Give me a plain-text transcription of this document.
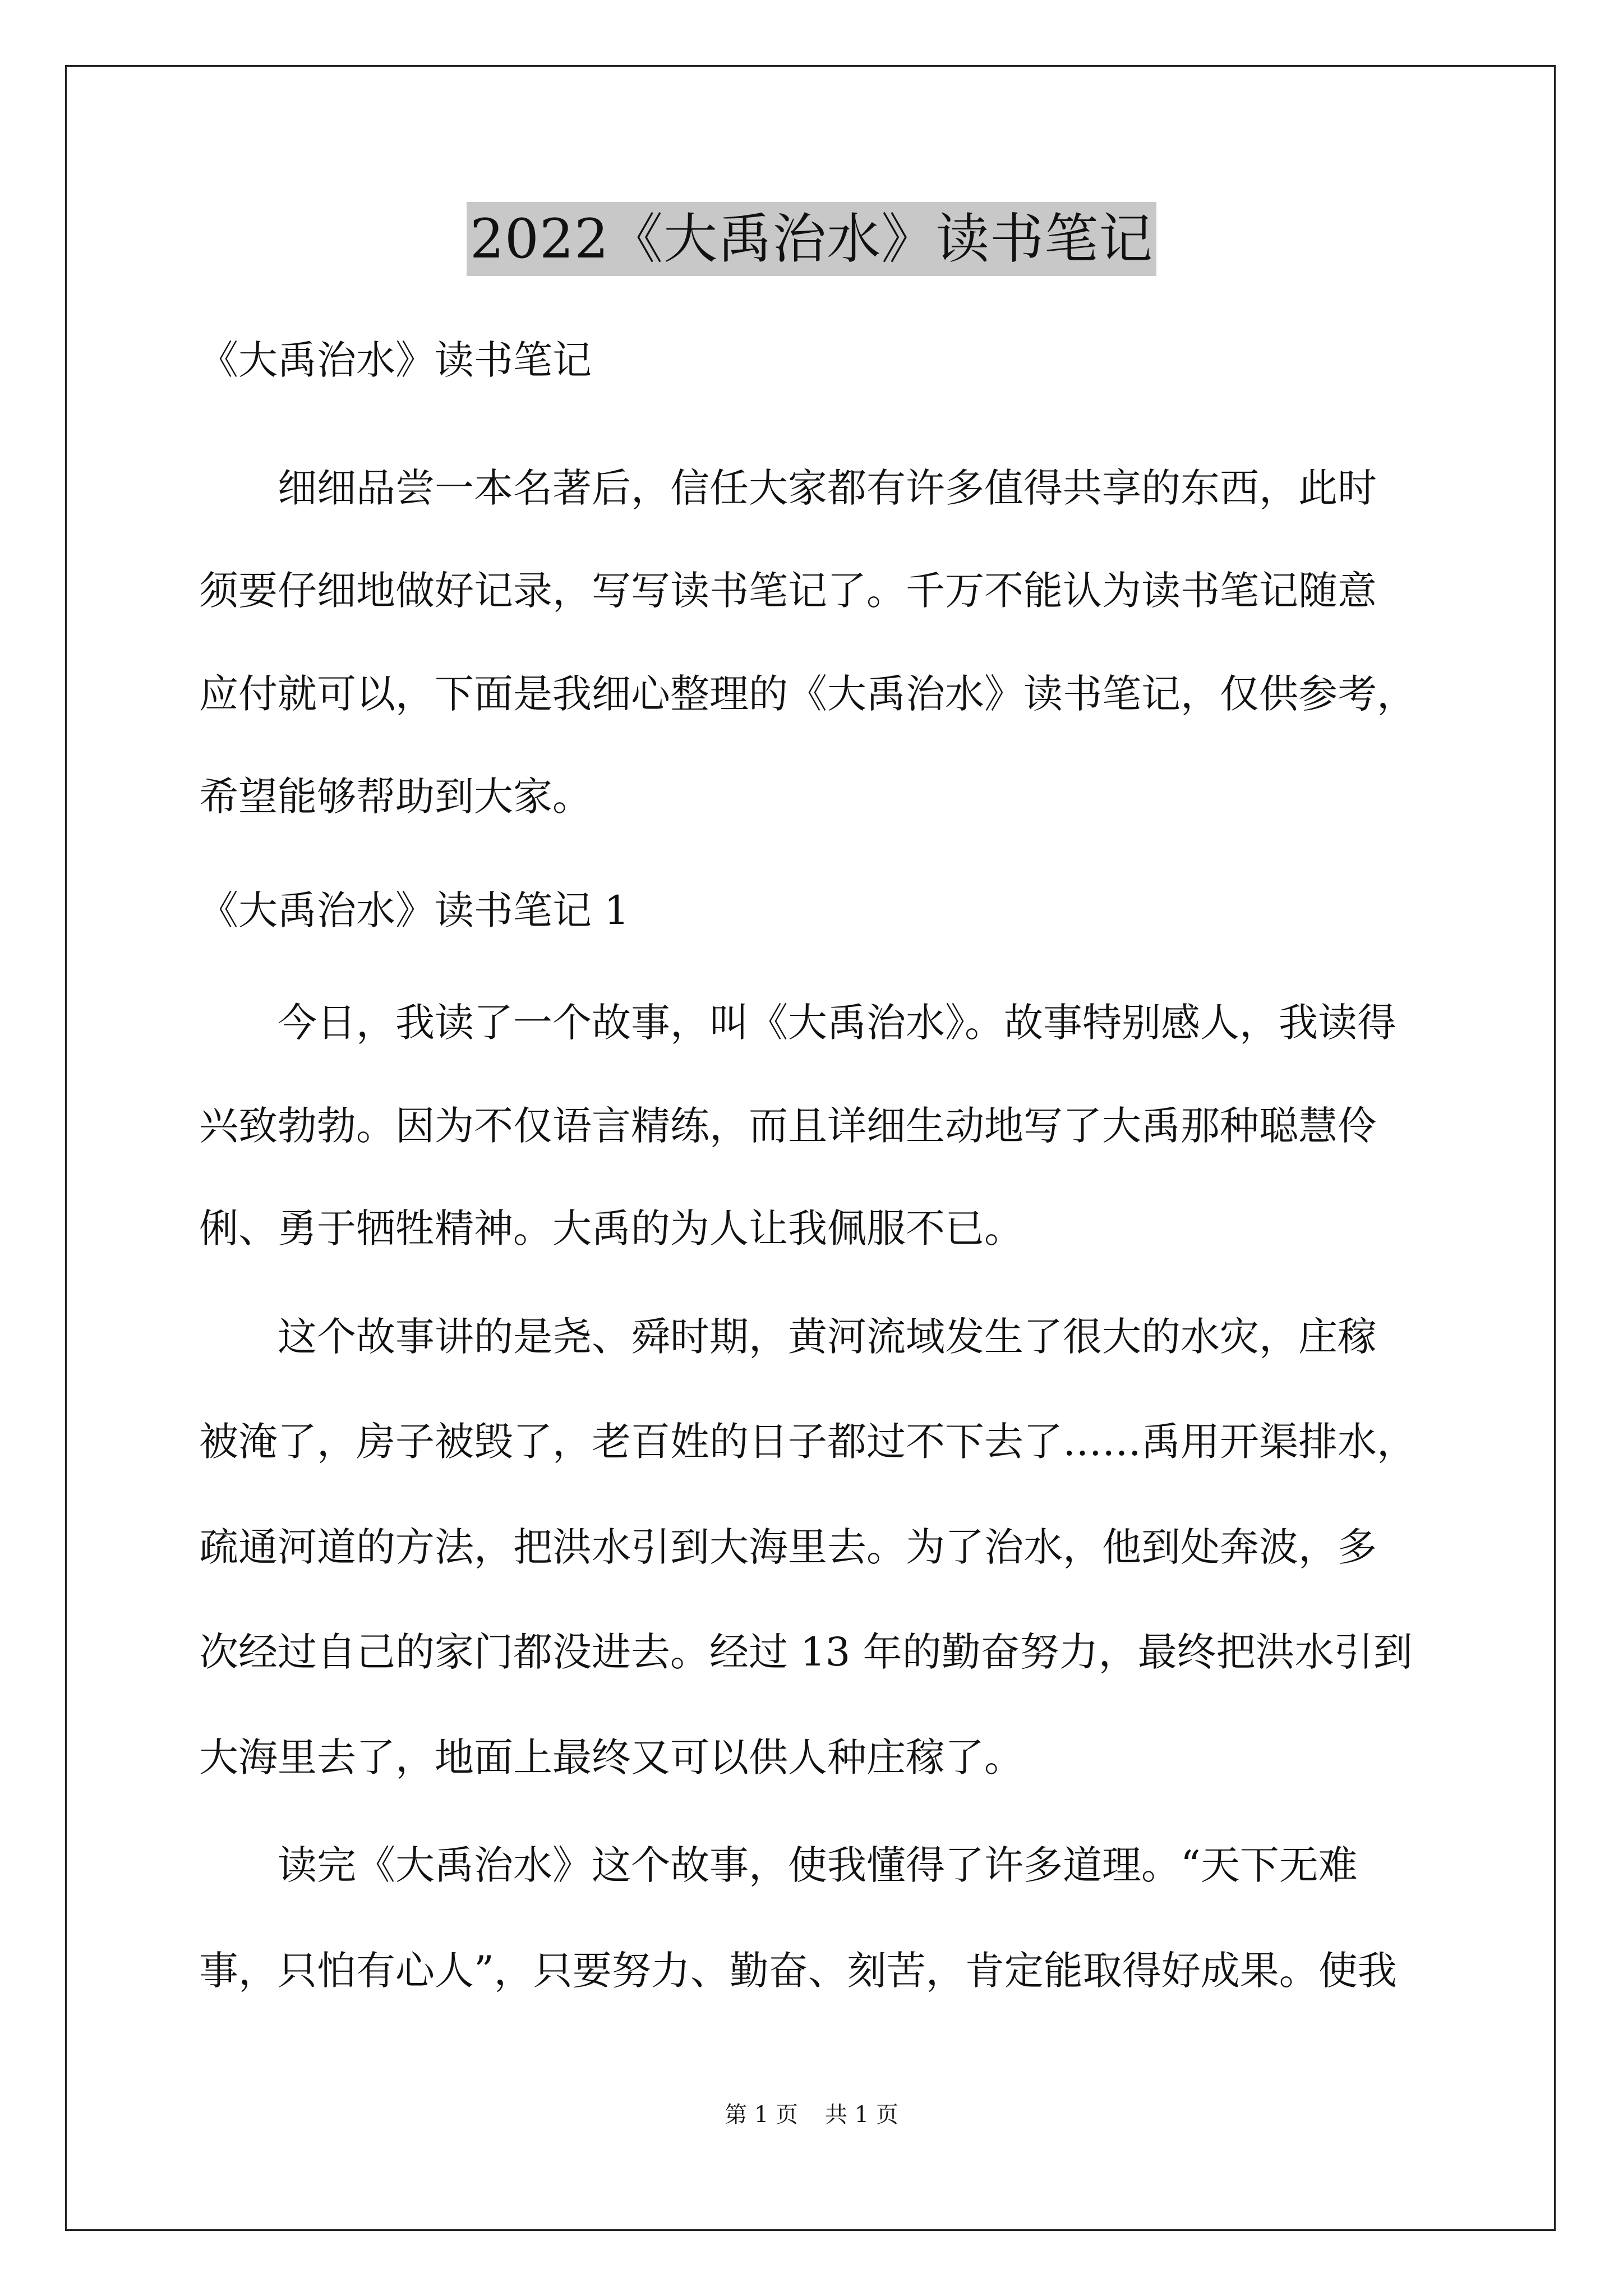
2022《大禹治水》读书笔记
《大禹治水》读书笔记
　　细细品尝一本名著后，信任大家都有许多值得共享的东西，此时
须要仔细地做好记录，写写读书笔记了。千万不能认为读书笔记随意
应付就可以，下面是我细心整理的《大禹治水》读书笔记，仅供参考，
希望能够帮助到大家。
《大禹治水》读书笔记 1
　　今日，我读了一个故事，叫《大禹治水》。故事特别感人，我读得
兴致勃勃。因为不仅语言精练，而且详细生动地写了大禹那种聪慧伶
俐、勇于牺牲精神。大禹的为人让我佩服不已。
　　这个故事讲的是尧、舜时期，黄河流域发生了很大的水灾，庄稼
被淹了，房子被毁了，老百姓的日子都过不下去了……禹用开渠排水，
疏通河道的方法，把洪水引到大海里去。为了治水，他到处奔波，多
次经过自己的家门都没进去。经过 13 年的勤奋努力，最终把洪水引到
大海里去了，地面上最终又可以供人种庄稼了。
　　读完《大禹治水》这个故事，使我懂得了许多道理。“天下无难
事，只怕有心人”，只要努力、勤奋、刻苦，肯定能取得好成果。使我
第 1 页 共 1 页
